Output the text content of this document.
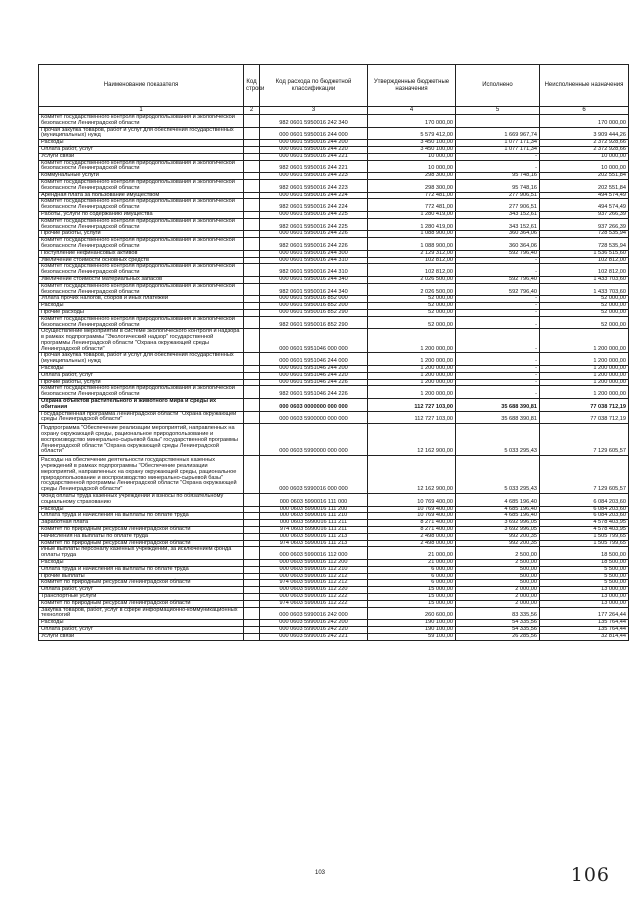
Наименование показателя	Код строки	Код расхода по бюджетной классификации	Утвержденные бюджетные назначения	Исполнено	Неисполненные назначения
1	2	3	4	5	6
Комитет государственного контроля природопользования и экологической безопасности Ленинградской области		982 0601 5950016 242 340	170 000,00		170 000,00
Прочая закупка товаров, работ и услуг для обеспечения государственных (муниципальных) нужд		000 0601 5950016 244 000	5 579 412,00	1 669 967,74	3 909 444,26
Расходы		000 0601 5950016 244 200	3 450 100,00	1 077 171,34	2 372 928,66
Оплата работ, услуг		000 0601 5950016 244 220	3 450 100,00	1 077 171,34	2 372 928,66
Услуги связи		000 0601 5950016 244 221	10 000,00	-	10 000,00
Комитет государственного контроля природопользования и экологической безопасности Ленинградской области		982 0601 5950016 244 221	10 000,00	-	10 000,00
Коммунальные услуги		000 0601 5950016 244 223	298 300,00	95 748,16	202 551,84
Комитет государственного контроля природопользования и экологической безопасности Ленинградской области		982 0601 5950016 244 223	298 300,00	95 748,16	202 551,84
Арендная плата за пользование имуществом		000 0601 5950016 244 224	772 481,00	277 906,51	494 574,49
Комитет государственного контроля природопользования и экологической безопасности Ленинградской области		982 0601 5950016 244 224	772 481,00	277 906,51	494 574,49
Работы, услуги по содержанию имущества		000 0601 5950016 244 225	1 280 419,00	343 152,61	937 266,39
Комитет государственного контроля природопользования и экологической безопасности Ленинградской области		982 0601 5950016 244 225	1 280 419,00	343 152,61	937 266,39
Прочие работы, услуги		000 0601 5950016 244 226	1 088 900,00	360 364,06	728 535,94
Комитет государственного контроля природопользования и экологической безопасности Ленинградской области		982 0601 5950016 244 226	1 088 900,00	360 364,06	728 535,94
Поступление нефинансовых активов		000 0601 5950016 244 300	2 129 312,00	592 796,40	1 536 515,60
Увеличение стоимости основных средств		000 0601 5950016 244 310	102 812,00	-	102 812,00
Комитет государственного контроля природопользования и экологической безопасности Ленинградской области		982 0601 5950016 244 310	102 812,00	-	102 812,00
Увеличение стоимости материальных запасов		000 0601 5950016 244 340	2 026 500,00	592 796,40	1 433 703,60
Комитет государственного контроля природопользования и экологической безопасности Ленинградской области		982 0601 5950016 244 340	2 026 500,00	592 796,40	1 433 703,60
Уплата прочих налогов, сборов и иных платежей		000 0601 5950016 852 000	52 000,00	-	52 000,00
Расходы		000 0601 5950016 852 200	52 000,00	-	52 000,00
Прочие расходы		000 0601 5950016 852 290	52 000,00	-	52 000,00
Комитет государственного контроля природопользования и экологической безопасности Ленинградской области		982 0601 5950016 852 290	52 000,00	-	52 000,00
Осуществление мероприятий в системе экологического контроля и надзора в рамках подпрограммы "Экологический надзор" государственной программы Ленинградской области "Охрана окружающей среды Ленинградской области"		000 0601 5951046 000 000	1 200 000,00	-	1 200 000,00
Прочая закупка товаров, работ и услуг для обеспечения государственных (муниципальных) нужд		000 0601 5951046 244 000	1 200 000,00	-	1 200 000,00
Расходы		000 0601 5951046 244 200	1 200 000,00	-	1 200 000,00
Оплата работ, услуг		000 0601 5951046 244 220	1 200 000,00	-	1 200 000,00
Прочие работы, услуги		000 0601 5951046 244 226	1 200 000,00	-	1 200 000,00
Комитет государственного контроля природопользования и экологической безопасности Ленинградской области		982 0601 5951046 244 226	1 200 000,00	-	1 200 000,00
Охрана объектов растительного и животного мира и среды их обитания		000 0603 0000000 000 000	112 727 103,00	35 688 390,81	77 038 712,19
Государственная программа Ленинградской области "Охрана окружающей среды Ленинградской области"		000 0603 5900000 000 000	112 727 103,00	35 688 390,81	77 038 712,19
Подпрограмма "Обеспечение реализации мероприятий, направленных на охрану окружающей среды, рациональное природопользование и воспроизводство минерально-сырьевой базы" государственной программы Ленинградской области "Охрана окружающей среды Ленинградской области"		000 0603 5990000 000 000	12 162 900,00	5 033 295,43	7 129 605,57
Расходы на обеспечение деятельности государственных казенных учреждений в рамках подпрограммы "Обеспечение реализации мероприятий, направленных на охрану окружающей среды, рациональное природопользование и воспроизводство минерально-сырьевой базы" государственной программы Ленинградской области "Охрана окружающей среды Ленинградской области"		000 0603 5990016 000 000	12 162 900,00	5 033 295,43	7 129 605,57
Фонд оплаты труда казенных учреждений и взносы по обязательному социальному страхованию		000 0603 5990016 111 000	10 769 400,00	4 685 196,40	6 084 203,60
Расходы		000 0603 5990016 111 200	10 769 400,00	4 685 196,40	6 084 203,60
Оплата труда и начисления на выплаты по оплате труда		000 0603 5990016 111 210	10 769 400,00	4 685 196,40	6 084 203,60
Заработная плата		000 0603 5990016 111 211	8 271 400,00	3 692 996,05	4 578 403,95
Комитет по природным ресурсам Ленинградской области		974 0603 5990016 111 211	8 271 400,00	3 692 996,05	4 578 403,95
Начисления на выплаты по оплате труда		000 0603 5990016 111 213	2 498 000,00	992 200,35	1 505 799,65
Комитет по природным ресурсам Ленинградской области		974 0603 5990016 111 213	2 498 000,00	992 200,35	1 505 799,65
Иные выплаты персоналу казенных учреждений, за исключением фонда оплаты труда		000 0603 5990016 112 000	21 000,00	2 500,00	18 500,00
Расходы		000 0603 5990016 112 200	21 000,00	2 500,00	18 500,00
Оплата труда и начисления на выплаты по оплате труда		000 0603 5990016 112 210	6 000,00	500,00	5 500,00
Прочие выплаты		000 0603 5990016 112 212	6 000,00	500,00	5 500,00
Комитет по природным ресурсам Ленинградской области		974 0603 5990016 112 212	6 000,00	500,00	5 500,00
Оплата работ, услуг		000 0603 5990016 112 220	15 000,00	2 000,00	13 000,00
Транспортные услуги		000 0603 5990016 112 222	15 000,00	2 000,00	13 000,00
Комитет по природным ресурсам Ленинградской области		974 0603 5990016 112 222	15 000,00	2 000,00	13 000,00
Закупка товаров, работ, услуг в сфере информационно-коммуникационных технологий		000 0603 5990016 242 000	260 600,00	83 335,56	177 264,44
Расходы		000 0603 5990016 242 200	190 100,00	54 335,56	135 764,44
Оплата работ, услуг		000 0603 5990016 242 220	190 100,00	54 335,56	135 764,44
Услуги связи		000 0603 5990016 242 221	59 100,00	26 285,56	32 814,44
103	106
